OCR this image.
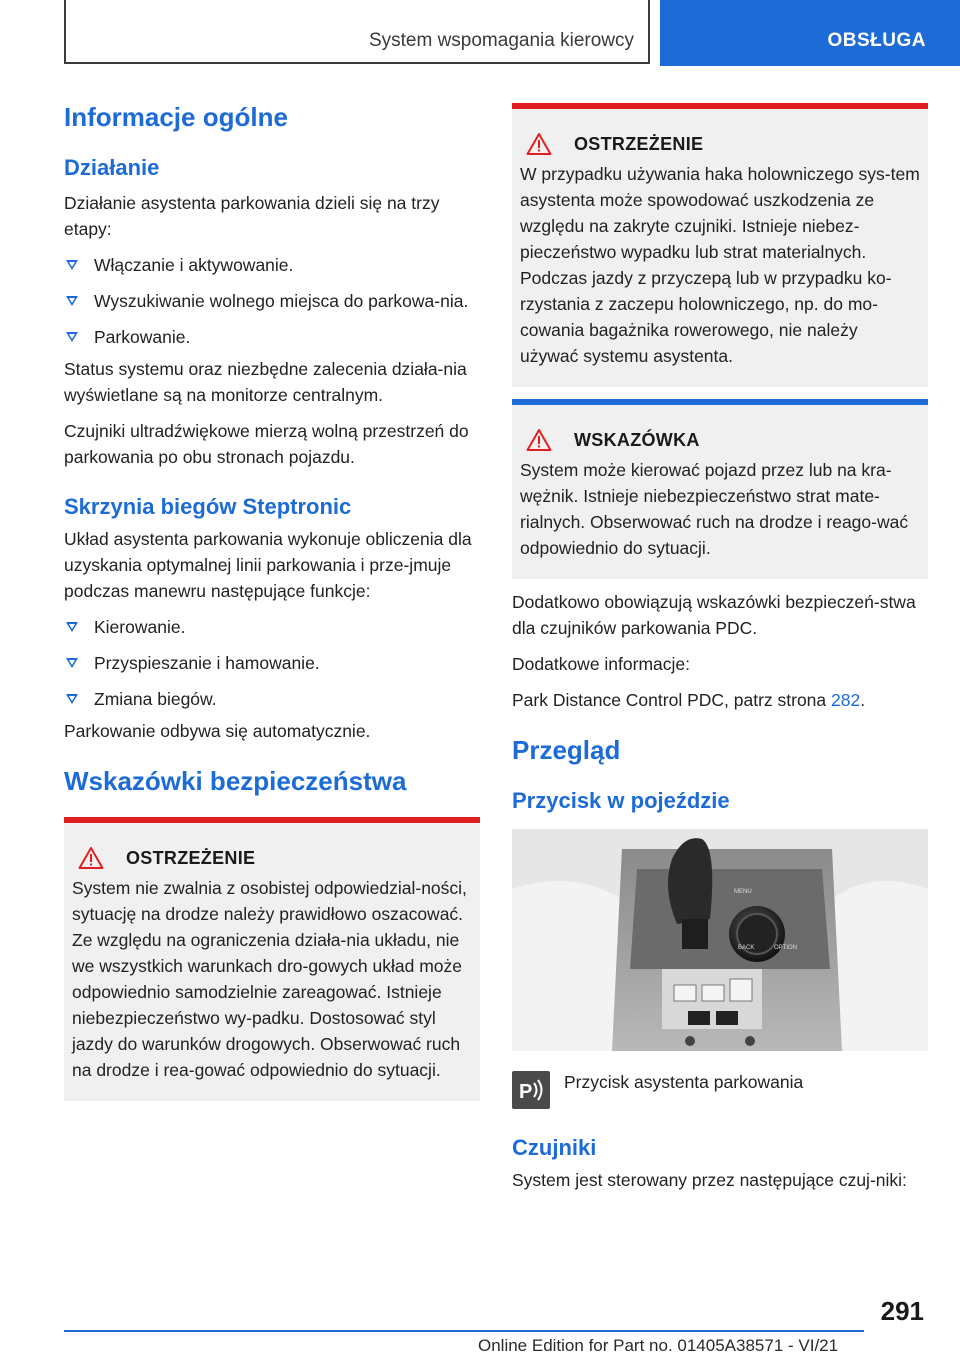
System wspomagania kierowcy	OBSŁUGA
Informacje ogólne
Działanie

Działanie asystenta parkowania dzieli się na trzy etapy:

Włączanie i aktywowanie.
Wyszukiwanie wolnego miejsca do parkowa-nia.
Parkowanie.

Status systemu oraz niezbędne zalecenia działa-nia wyświetlane są na monitorze centralnym.

Czujniki ultradźwiękowe mierzą wolną przestrzeń do parkowania po obu stronach pojazdu.

Skrzynia biegów Steptronic

Układ asystenta parkowania wykonuje obliczenia dla uzyskania optymalnej linii parkowania i prze-jmuje podczas manewru następujące funkcje:

Kierowanie.
Przyspieszanie i hamowanie.
Zmiana biegów.

Parkowanie odbywa się automatycznie.

Wskazówki bezpieczeństwa
OSTRZEŻENIE

System nie zwalnia z osobistej odpowiedzial-ności, sytuację na drodze należy prawidłowo oszacować. Ze względu na ograniczenia działa-nia układu, nie we wszystkich warunkach dro-gowych układ może odpowiednio samodzielnie zareagować. Istnieje niebezpieczeństwo wy-padku. Dostosować styl jazdy do warunków drogowych. Obserwować ruch na drodze i rea-gować odpowiednio do sytuacji.

OSTRZEŻENIE

W przypadku używania haka holowniczego sys-tem asystenta może spowodować uszkodzenia ze względu na zakryte czujniki. Istnieje niebez-pieczeństwo wypadku lub strat materialnych. Podczas jazdy z przyczepą lub w przypadku ko-rzystania z zaczepu holowniczego, np. do mo-cowania bagażnika rowerowego, nie należy używać systemu asystenta.

WSKAZÓWKA

System może kierować pojazd przez lub na kra-wężnik. Istnieje niebezpieczeństwo strat mate-rialnych. Obserwować ruch na drodze i reago-wać odpowiednio do sytuacji.

Dodatkowo obowiązują wskazówki bezpieczeń-stwa dla czujników parkowania PDC.

Dodatkowe informacje:

Park Distance Control PDC, patrz strona 282.

Przegląd
Przycisk w pojeździe
MENU
BACK	OPTION
P Przycisk asystenta parkowania
Czujniki

System jest sterowany przez następujące czuj-niki:

291
Online Edition for Part no. 01405A38571 - VI/21
